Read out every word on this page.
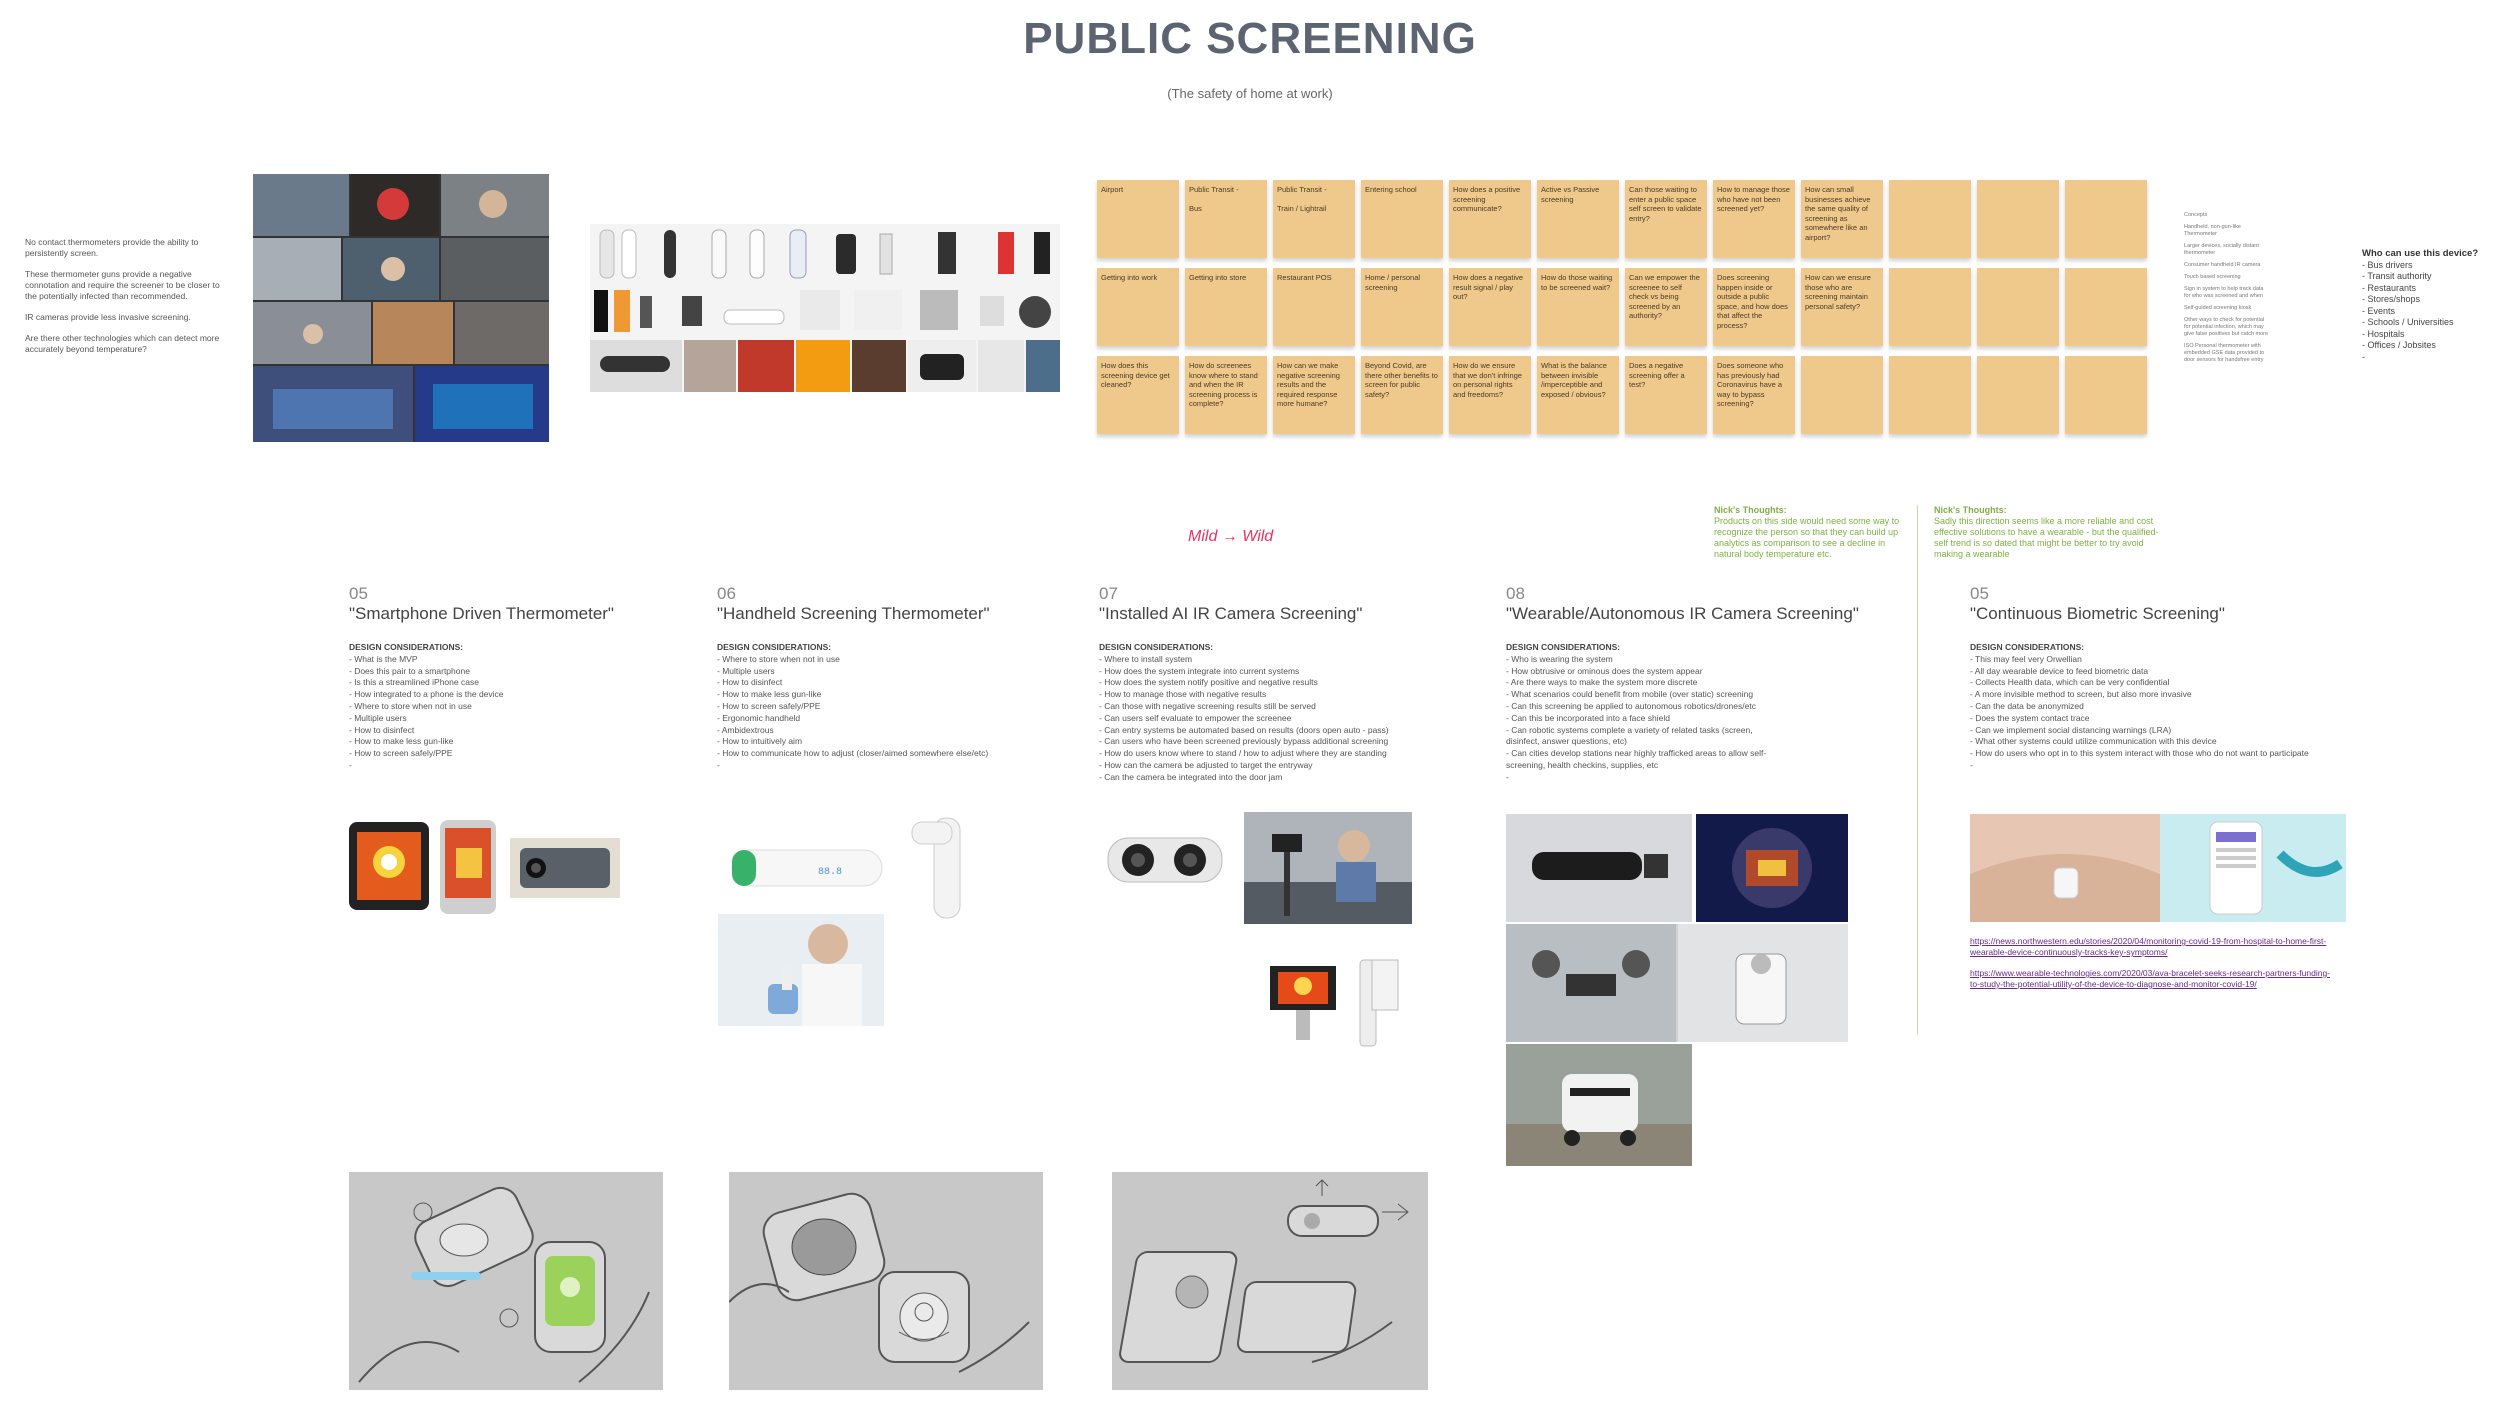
PUBLIC SCREENING
(The safety of home at work)

No contact thermometers provide the ability to persistently screen.

These thermometer guns provide a negative connotation and require the screener to be closer to the potentially infected than recommended.

IR cameras provide less invasive screening.

Are there other technologies which can detect more accurately beyond temperature?

Airport	Public Transit -

Bus
Public Transit -

Train / Lightrail
Entering school	How does a positive screening communicate?
Active vs Passive screening
Can those waiting to enter a public space self screen to validate entry?
How to manage those who have not been screened yet?
How can small businesses achieve the same quality of screening as somewhere like an airport?
Getting into work	Getting into store	Restaurant POS	Home / personal screening
How does a negative result signal / play out?
How do those waiting to be screened wait?
Can we empower the screenee to self check vs being screened by an authority?
Does screening happen inside or outside a public space, and how does that affect the process?
How can we ensure those who are screening maintain personal safety?
How does this screening device get cleaned?
How do screenees know where to stand and when the IR screening process is complete?
How can we make negative screening results and the required response more humane?
Beyond Covid, are there other benefits to screen for public safety?
How do we ensure that we don't infringe on personal rights and freedoms?
What is the balance between invisible /imperceptible and exposed / obvious?
Does a negative screening offer a test?
Does someone who has previously had Coronavirus have a way to bypass screening?

Concepts

Handheld, non-gun-like Thermometer

Larger devices, socially distant thermometer

Consumer handheld IR camera

Touch based screening

Sign in system to help track data for who was screened and when

Self-guided screening kiosk

Other ways to check for potential for potential infection, which may give false positives but catch more

ISO Personal thermometer with embedded GSE data provided to door sensors for handsfree entry

Who can use this device?
- Bus drivers
- Transit authority
- Restaurants
- Stores/shops
- Events
- Schools / Universities
- Hospitals
- Offices / Jobsites
-
Mild → Wild
Nick's Thoughts:
Products on this side would need some way to recognize the person so that they can build up analytics as comparison to see a decline in natural body temperature etc.
Nick's Thoughts:
Sadly this direction seems like a more reliable and cost effective solutions to have a wearable - but the qualified-self trend is so dated that might be better to try avoid making a wearable
05
"Smartphone Driven Thermometer"
DESIGN CONSIDERATIONS:
- What is the MVP
- Does this pair to a smartphone
- Is this a streamlined iPhone case
- How integrated to a phone is the device
- Where to store when not in use
- Multiple users
- How to disinfect
- How to make less gun-like
- How to screen safely/PPE
-
06
"Handheld Screening Thermometer"
DESIGN CONSIDERATIONS:
- Where to store when not in use
- Multiple users
- How to disinfect
- How to make less gun-like
- How to screen safely/PPE
- Ergonomic handheld
- Ambidextrous
- How to intuitively aim
- How to communicate how to adjust (closer/aimed somewhere else/etc)
-
07
"Installed AI IR Camera Screening"
DESIGN CONSIDERATIONS:
- Where to install system
- How does the system integrate into current systems
- How does the system notify positive and negative results
- How to manage those with negative results
- Can those with negative screening results still be served
- Can users self evaluate to empower the screenee
- Can entry systems be automated based on results (doors open auto - pass)
- Can users who have been screened previously bypass additional screening
- How do users know where to stand / how to adjust where they are standing
- How can the camera be adjusted to target the entryway
- Can the camera be integrated into the door jam
08
"Wearable/Autonomous IR Camera Screening"
DESIGN CONSIDERATIONS:
- Who is wearing the system
- How obtrusive or ominous does the system appear
- Are there ways to make the system more discrete
- What scenarios could benefit from mobile (over static) screening
- Can this screening be applied to autonomous robotics/drones/etc
- Can this be incorporated into a face shield
- Can robotic systems complete a variety of related tasks (screen,
disinfect, answer questions, etc)
- Can cities develop stations near highly trafficked areas to allow self-
screening, health checkins, supplies, etc
-
05
"Continuous Biometric Screening"
DESIGN CONSIDERATIONS:
- This may feel very Orwellian
- All day wearable device to feed biometric data
- Collects Health data, which can be very confidential
- A more invisible method to screen, but also more invasive
- Can the data be anonymized
- Does the system contact trace
- Can we implement social distancing warnings (LRA)
- What other systems could utilize communication with this device
- How do users who opt in to this system interact with those who do not want to participate
-
88.8
https://news.northwestern.edu/stories/2020/04/monitoring-covid-19-from-hospital-to-home-first-wearable-device-continuously-tracks-key-symptoms/
https://www.wearable-technologies.com/2020/03/ava-bracelet-seeks-research-partners-funding-to-study-the-potential-utility-of-the-device-to-diagnose-and-monitor-covid-19/
